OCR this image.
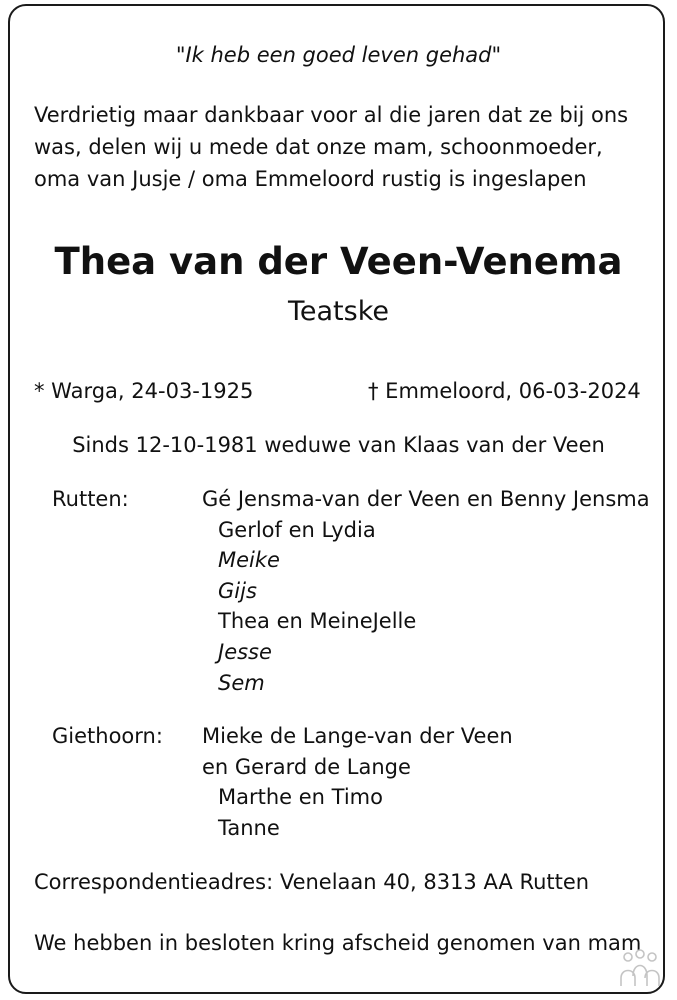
"Ik heb een goed leven gehad"
Verdrietig maar dankbaar voor al die jaren dat ze bij ons
was, delen wij u mede dat onze mam, schoonmoeder,
oma van Jusje / oma Emmeloord rustig is ingeslapen
Thea van der Veen-Venema
Teatske
* Warga, 24-03-1925	† Emmeloord, 06-03-2024
Sinds 12-10-1981 weduwe van Klaas van der Veen
Rutten:	Gé Jensma-van der Veen en Benny Jensma
Gerlof en Lydia
Meike
Gijs
Thea en MeineJelle
Jesse
Sem
Giethoorn: Mieke de Lange-van der Veen
en Gerard de Lange
Marthe en Timo
Tanne
Correspondentieadres: Venelaan 40, 8313 AA Rutten
We hebben in besloten kring afscheid genomen van mam
